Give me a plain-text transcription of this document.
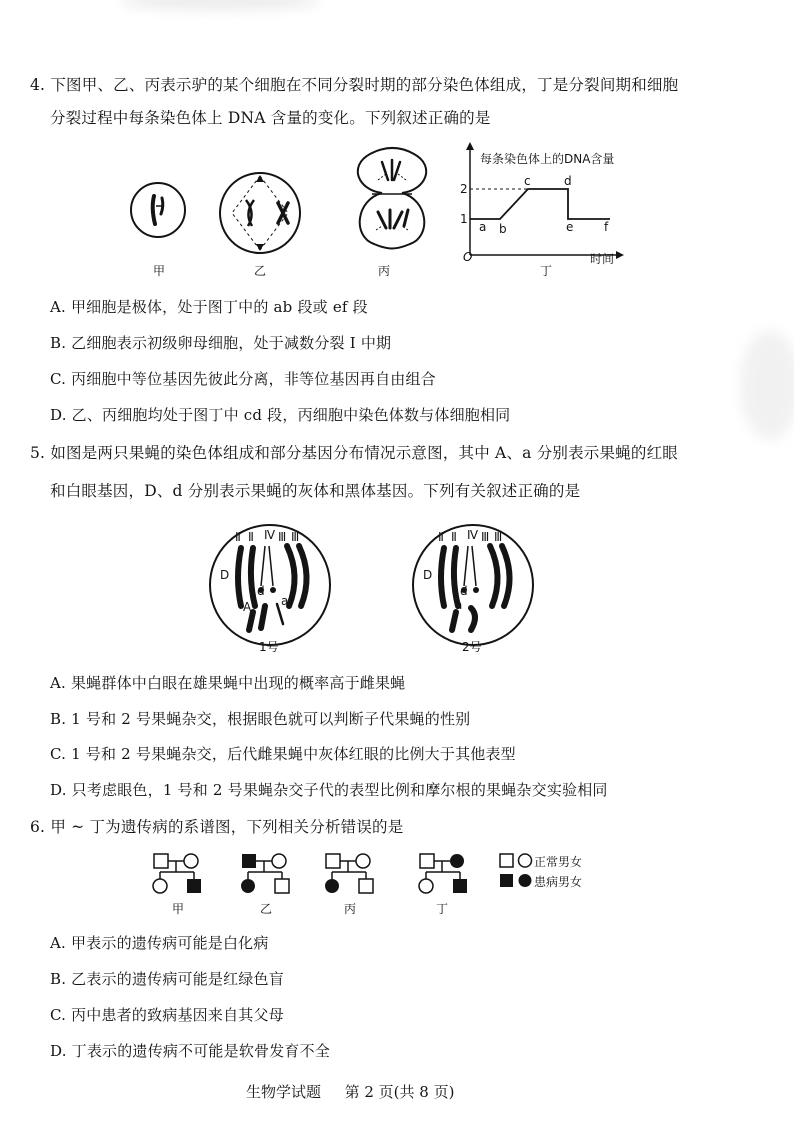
4. 下图甲、乙、丙表示驴的某个细胞在不同分裂时期的部分染色体组成，丁是分裂间期和细胞
分裂过程中每条染色体上 DNA 含量的变化。下列叙述正确的是
每条染色体上的DNA含量
2
1
O
a b
c	d
e	f
时间
甲	乙	丙	丁
A. 甲细胞是极体，处于图丁中的 ab 段或 ef 段
B. 乙细胞表示初级卵母细胞，处于减数分裂 Ⅰ 中期
C. 丙细胞中等位基因先彼此分离，非等位基因再自由组合
D. 乙、丙细胞均处于图丁中 cd 段，丙细胞中染色体数与体细胞相同
5. 如图是两只果蝇的染色体组成和部分基因分布情况示意图，其中 A、a 分别表示果蝇的红眼
和白眼基因，D、d 分别表示果蝇的灰体和黑体基因。下列有关叙述正确的是
Ⅱ Ⅱ Ⅳ Ⅲ Ⅲ
D
d
A a
1号
Ⅱ Ⅱ Ⅳ Ⅲ Ⅲ
D
d
a
2号
A. 果蝇群体中白眼在雄果蝇中出现的概率高于雌果蝇
B. 1 号和 2 号果蝇杂交，根据眼色就可以判断子代果蝇的性别
C. 1 号和 2 号果蝇杂交，后代雌果蝇中灰体红眼的比例大于其他表型
D. 只考虑眼色，1 号和 2 号果蝇杂交子代的表型比例和摩尔根的果蝇杂交实验相同
6. 甲 ~ 丁为遗传病的系谱图，下列相关分析错误的是
正常男女
患病男女
甲	乙	丙	丁
A. 甲表示的遗传病可能是白化病
B. 乙表示的遗传病可能是红绿色盲
C. 丙中患者的致病基因来自其父母
D. 丁表示的遗传病不可能是软骨发育不全
生物学试题 第 2 页(共 8 页)
